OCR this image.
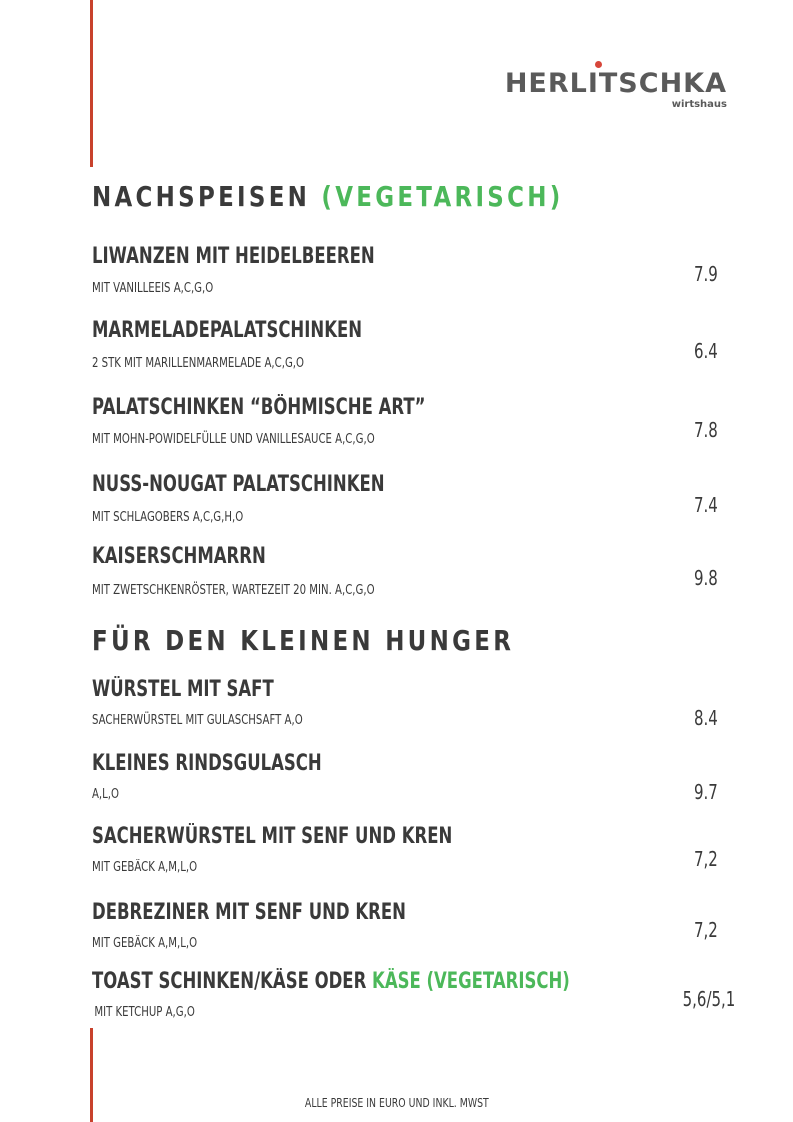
HERLITSCHKA
wirtshaus
NACHSPEISEN (VEGETARISCH)
LIWANZEN MIT HEIDELBEEREN
MIT VANILLEEIS A,C,G,O
7.9
MARMELADEPALATSCHINKEN
2 STK MIT MARILLENMARMELADE A,C,G,O
6.4
PALATSCHINKEN “BÖHMISCHE ART”
MIT MOHN-POWIDELFÜLLE UND VANILLESAUCE A,C,G,O	7.8
NUSS-NOUGAT PALATSCHINKEN
MIT SCHLAGOBERS A,C,G,H,O
7.4
KAISERSCHMARRN
MIT ZWETSCHKENRÖSTER, WARTEZEIT 20 MIN. A,C,G,O
9.8
FÜR DEN KLEINEN HUNGER
WÜRSTEL MIT SAFT
SACHERWÜRSTEL MIT GULASCHSAFT A,O	8.4
KLEINES RINDSGULASCH
A,L,O	9.7
SACHERWÜRSTEL MIT SENF UND KREN
MIT GEBÄCK A,M,L,O	7,2
DEBREZINER MIT SENF UND KREN
MIT GEBÄCK A,M,L,O
7,2
TOAST SCHINKEN/KÄSE ODER KÄSE (VEGETARISCH)
MIT KETCHUP A,G,O
5,6/5,1
ALLE PREISE IN EURO UND INKL. MWST
